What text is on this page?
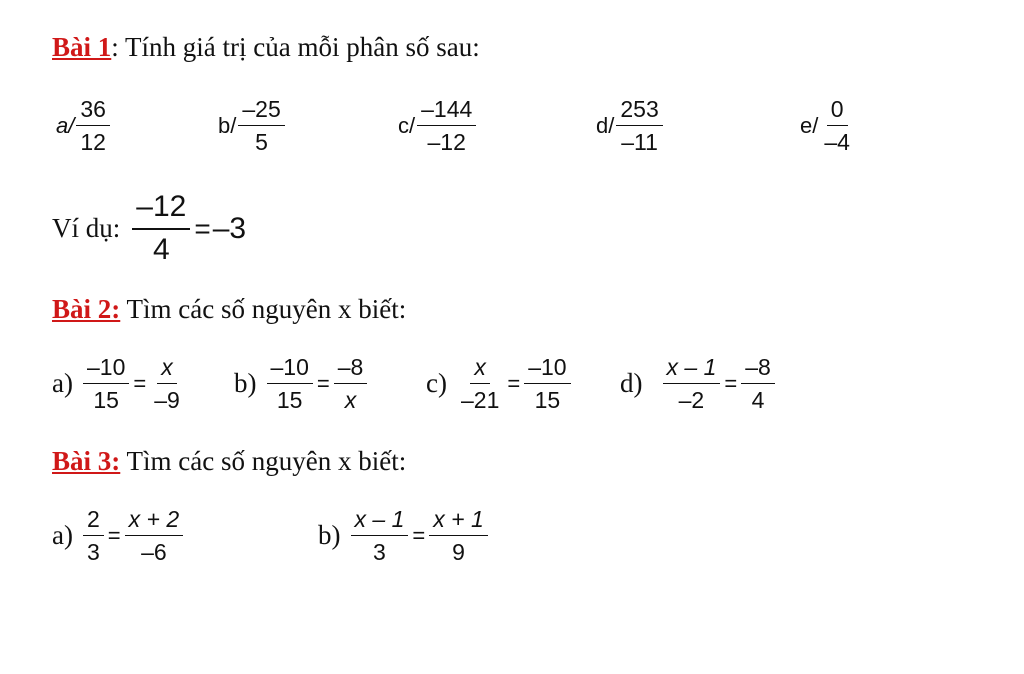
Bài 1: Tính giá trị của mỗi phân số sau:
$a/ \frac{36}{12}$	$b/ \frac{-25}{5}$	$c/ \frac{-144}{-12}$	$d/ \frac{253}{-11}$	$e/ \frac{0}{-4}$
Ví dụ: $\frac{-12}{4} = -3$
Bài 2: Tìm các số nguyên x biết:
$a) \frac{-10}{15} = \frac{x}{-9} b) \frac{-10}{15} = \frac{-8}{x} c) \frac{x}{-21} = \frac{-10}{15} d) \frac{x - 1}{-2} = \frac{-8}{4}$
Bài 3: Tìm các số nguyên x biết:
$a) \frac{2}{3} = \frac{x + 2}{-6}$	$b) \frac{x - 1}{3} = \frac{x + 1}{9}$
